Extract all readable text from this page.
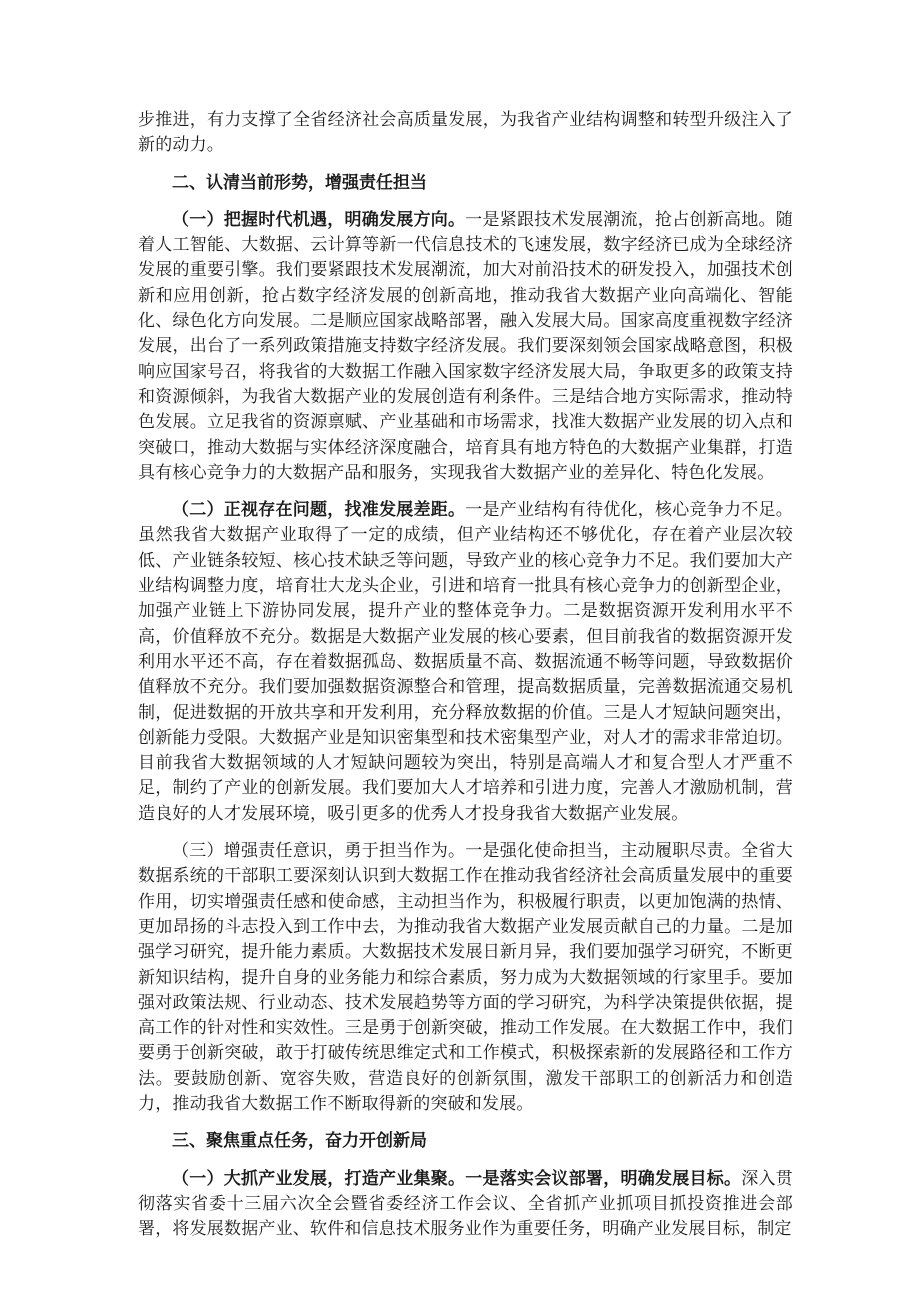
步推进，有力支撑了全省经济社会高质量发展，为我省产业结构调整和转型升级注入了新的动力。

二、认清当前形势，增强责任担当

（一）把握时代机遇，明确发展方向。一是紧跟技术发展潮流，抢占创新高地。随着人工智能、大数据、云计算等新一代信息技术的飞速发展，数字经济已成为全球经济发展的重要引擎。我们要紧跟技术发展潮流，加大对前沿技术的研发投入，加强技术创新和应用创新，抢占数字经济发展的创新高地，推动我省大数据产业向高端化、智能化、绿色化方向发展。二是顺应国家战略部署，融入发展大局。国家高度重视数字经济发展，出台了一系列政策措施支持数字经济发展。我们要深刻领会国家战略意图，积极响应国家号召，将我省的大数据工作融入国家数字经济发展大局，争取更多的政策支持和资源倾斜，为我省大数据产业的发展创造有利条件。三是结合地方实际需求，推动特色发展。立足我省的资源禀赋、产业基础和市场需求，找准大数据产业发展的切入点和突破口，推动大数据与实体经济深度融合，培育具有地方特色的大数据产业集群，打造具有核心竞争力的大数据产品和服务，实现我省大数据产业的差异化、特色化发展。

（二）正视存在问题，找准发展差距。一是产业结构有待优化，核心竞争力不足。虽然我省大数据产业取得了一定的成绩，但产业结构还不够优化，存在着产业层次较低、产业链条较短、核心技术缺乏等问题，导致产业的核心竞争力不足。我们要加大产业结构调整力度，培育壮大龙头企业，引进和培育一批具有核心竞争力的创新型企业，加强产业链上下游协同发展，提升产业的整体竞争力。二是数据资源开发利用水平不高，价值释放不充分。数据是大数据产业发展的核心要素，但目前我省的数据资源开发利用水平还不高，存在着数据孤岛、数据质量不高、数据流通不畅等问题，导致数据价值释放不充分。我们要加强数据资源整合和管理，提高数据质量，完善数据流通交易机制，促进数据的开放共享和开发利用，充分释放数据的价值。三是人才短缺问题突出，创新能力受限。大数据产业是知识密集型和技术密集型产业，对人才的需求非常迫切。目前我省大数据领域的人才短缺问题较为突出，特别是高端人才和复合型人才严重不足，制约了产业的创新发展。我们要加大人才培养和引进力度，完善人才激励机制，营造良好的人才发展环境，吸引更多的优秀人才投身我省大数据产业发展。

（三）增强责任意识，勇于担当作为。一是强化使命担当，主动履职尽责。全省大数据系统的干部职工要深刻认识到大数据工作在推动我省经济社会高质量发展中的重要作用，切实增强责任感和使命感，主动担当作为，积极履行职责，以更加饱满的热情、更加昂扬的斗志投入到工作中去，为推动我省大数据产业发展贡献自己的力量。二是加强学习研究，提升能力素质。大数据技术发展日新月异，我们要加强学习研究，不断更新知识结构，提升自身的业务能力和综合素质，努力成为大数据领域的行家里手。要加强对政策法规、行业动态、技术发展趋势等方面的学习研究，为科学决策提供依据，提高工作的针对性和实效性。三是勇于创新突破，推动工作发展。在大数据工作中，我们要勇于创新突破，敢于打破传统思维定式和工作模式，积极探索新的发展路径和工作方法。要鼓励创新、宽容失败，营造良好的创新氛围，激发干部职工的创新活力和创造力，推动我省大数据工作不断取得新的突破和发展。

三、聚焦重点任务，奋力开创新局

（一）大抓产业发展，打造产业集聚。一是落实会议部署，明确发展目标。深入贯彻落实省委十三届六次全会暨省委经济工作会议、全省抓产业抓项目抓投资推进会部署，将发展数据产业、软件和信息技术服务业作为重要任务，明确产业发展目标，制定
